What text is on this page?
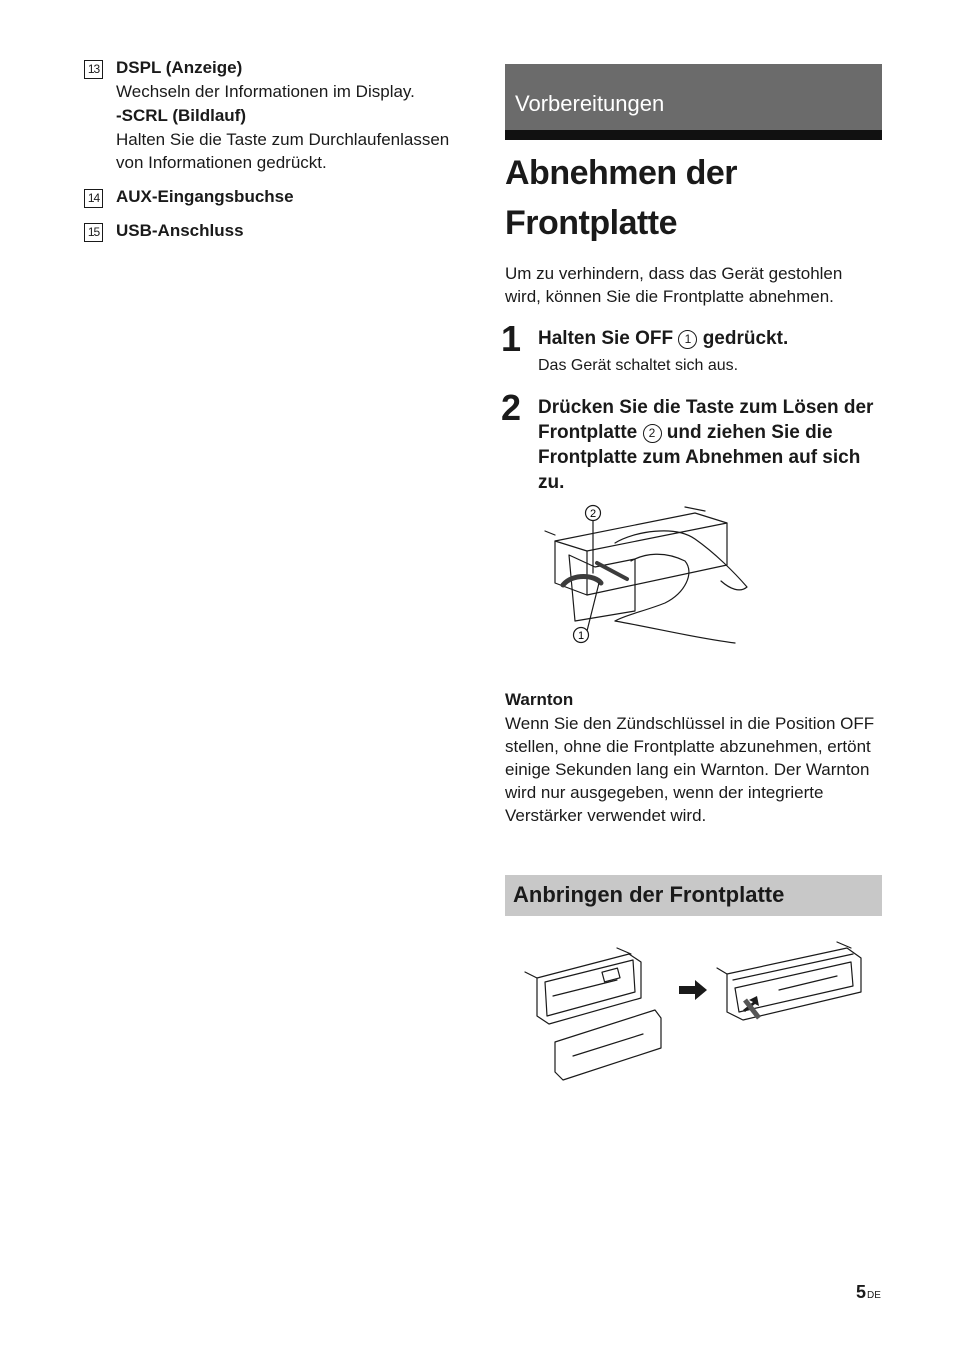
13 DSPL (Anzeige)
Wechseln der Informationen im Display.
-SCRL (Bildlauf)
Halten Sie die Taste zum Durchlaufenlassen von Informationen gedrückt.
14 AUX-Eingangsbuchse
15 USB-Anschluss
Vorbereitungen
Abnehmen der Frontplatte
Um zu verhindern, dass das Gerät gestohlen wird, können Sie die Frontplatte abnehmen.
1 Halten Sie OFF 1 gedrückt.
Das Gerät schaltet sich aus.
2 Drücken Sie die Taste zum Lösen der Frontplatte 2 und ziehen Sie die Frontplatte zum Abnehmen auf sich zu.
2
1
Warnton
Wenn Sie den Zündschlüssel in die Position OFF stellen, ohne die Frontplatte abzunehmen, ertönt einige Sekunden lang ein Warnton. Der Warnton wird nur ausgegeben, wenn der integrierte Verstärker verwendet wird.
Anbringen der Frontplatte
5DE
